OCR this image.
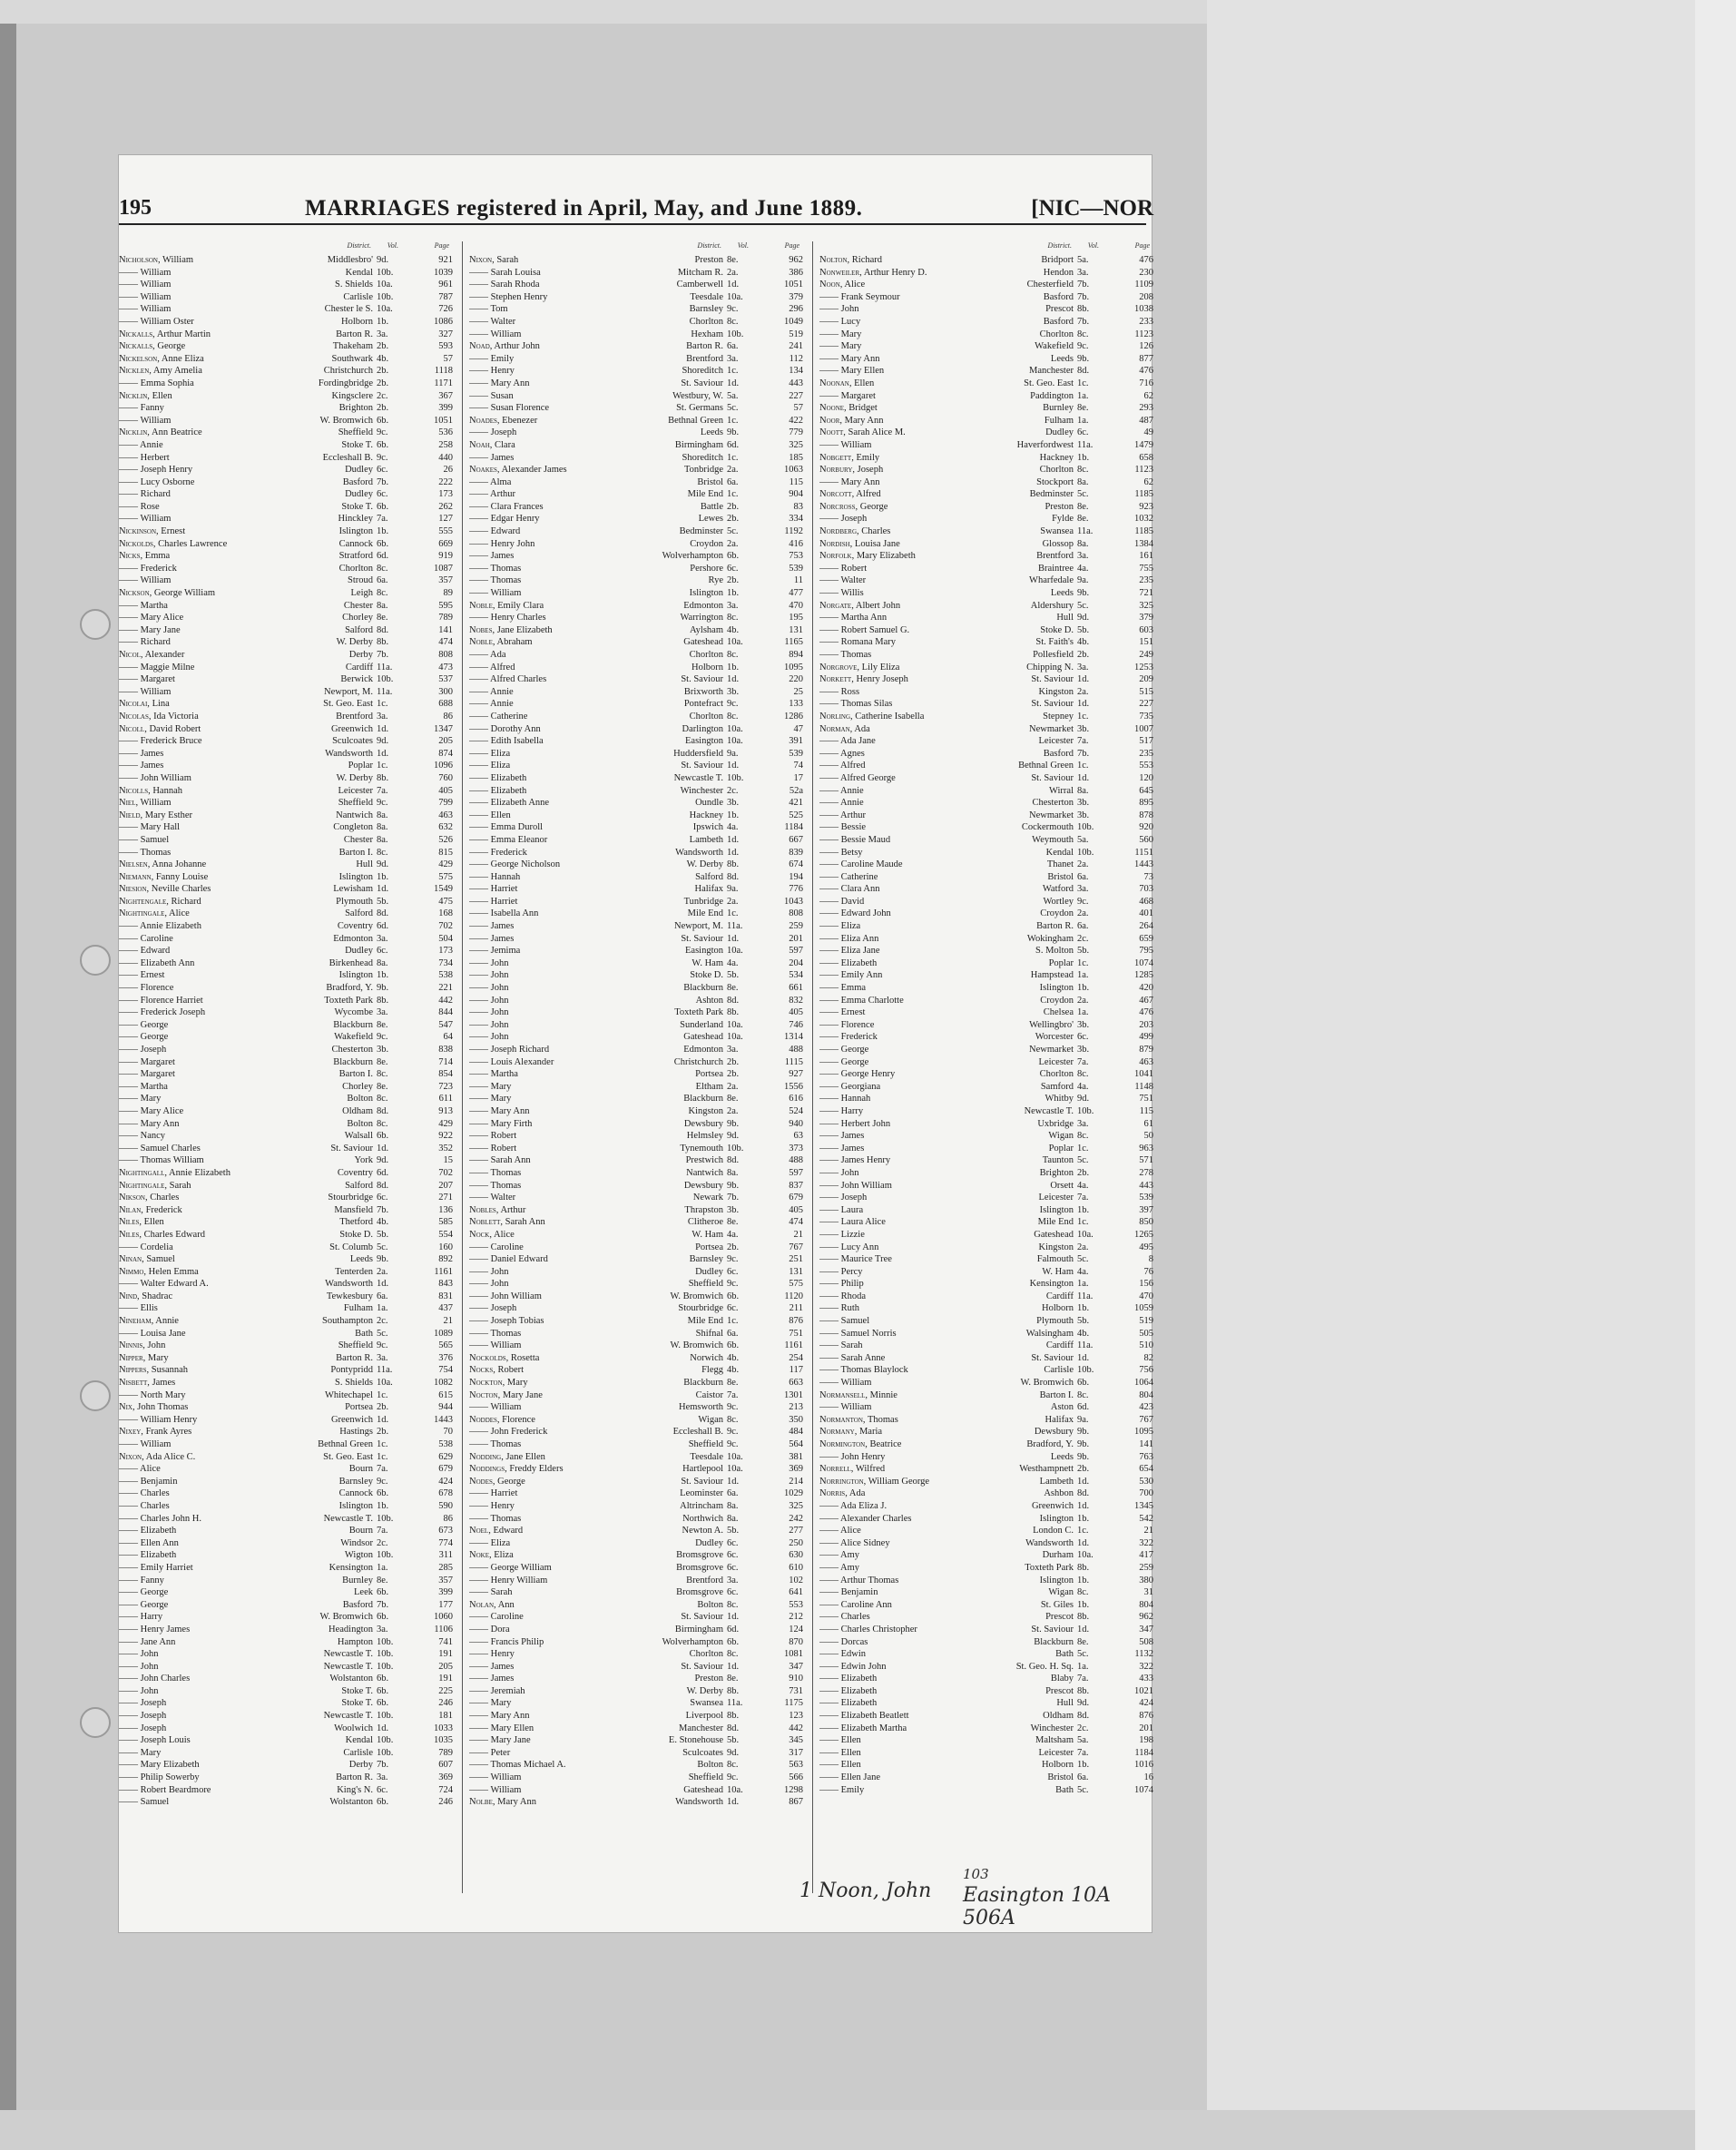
195	MARRIAGES registered in April, May, and June 1889.	[NIC—NOR
District. Vol.	Page
Nicholson, William	Middlesbro' 9d.	921
—— William	Kendal 10b.	1039
—— William	S. Shields 10a.	961
—— William	Carlisle 10b.	787
—— William	Chester le S. 10a.	726
—— William Oster	Holborn 1b.	1086
Nickalls, Arthur Martin	Barton R. 3a.	327
Nickalls, George	Thakeham 2b.	593
Nickelson, Anne Eliza	Southwark 4b.	57
Nicklen, Amy Amelia	Christchurch 2b.	1118
—— Emma Sophia	Fordingbridge 2b.	1171
Nicklin, Ellen	Kingsclere 2c.	367
—— Fanny	Brighton 2b.	399
—— William	W. Bromwich 6b.	1051
Nicklin, Ann Beatrice	Sheffield 9c.	536
—— Annie	Stoke T. 6b.	258
—— Herbert	Eccleshall B. 9c.	440
—— Joseph Henry	Dudley 6c.	26
—— Lucy Osborne	Basford 7b.	222
—— Richard	Dudley 6c.	173
—— Rose	Stoke T. 6b.	262
—— William	Hinckley 7a.	127
Nickinson, Ernest	Islington 1b.	555
Nickolds, Charles Lawrence	Cannock 6b.	669
Nicks, Emma	Stratford 6d.	919
—— Frederick	Chorlton 8c.	1087
—— William	Stroud 6a.	357
Nickson, George William	Leigh 8c.	89
—— Martha	Chester 8a.	595
—— Mary Alice	Chorley 8e.	789
—— Mary Jane	Salford 8d.	141
—— Richard	W. Derby 8b.	474
Nicol, Alexander	Derby 7b.	808
—— Maggie Milne	Cardiff 11a.	473
—— Margaret	Berwick 10b.	537
—— William	Newport, M. 11a.	300
Nicolai, Lina	St. Geo. East 1c.	688
Nicolas, Ida Victoria	Brentford 3a.	86
Nicoll, David Robert	Greenwich 1d.	1347
—— Frederick Bruce	Sculcoates 9d.	205
—— James	Wandsworth 1d.	874
—— James	Poplar 1c.	1096
—— John William	W. Derby 8b.	760
Nicolls, Hannah	Leicester 7a.	405
Niel, William	Sheffield 9c.	799
Nield, Mary Esther	Nantwich 8a.	463
—— Mary Hall	Congleton 8a.	632
—— Samuel	Chester 8a.	526
—— Thomas	Barton I. 8c.	815
Nielsen, Anna Johanne	Hull 9d.	429
Niemann, Fanny Louise	Islington 1b.	575
Niesion, Neville Charles	Lewisham 1d.	1549
Nightengale, Richard	Plymouth 5b.	475
Nightingale, Alice	Salford 8d.	168
—— Annie Elizabeth	Coventry 6d.	702
—— Caroline	Edmonton 3a.	504
—— Edward	Dudley 6c.	173
—— Elizabeth Ann	Birkenhead 8a.	734
—— Ernest	Islington 1b.	538
—— Florence	Bradford, Y. 9b.	221
—— Florence Harriet	Toxteth Park 8b.	442
—— Frederick Joseph	Wycombe 3a.	844
—— George	Blackburn 8e.	547
—— George	Wakefield 9c.	64
—— Joseph	Chesterton 3b.	838
—— Margaret	Blackburn 8e.	714
—— Margaret	Barton I. 8c.	854
—— Martha	Chorley 8e.	723
—— Mary	Bolton 8c.	611
—— Mary Alice	Oldham 8d.	913
—— Mary Ann	Bolton 8c.	429
—— Nancy	Walsall 6b.	922
—— Samuel Charles	St. Saviour 1d.	352
—— Thomas William	York 9d.	15
Nightingall, Annie Elizabeth	Coventry 6d.	702
Nightingale, Sarah	Salford 8d.	207
Nikson, Charles	Stourbridge 6c.	271
Nilan, Frederick	Mansfield 7b.	136
Niles, Ellen	Thetford 4b.	585
Niles, Charles Edward	Stoke D. 5b.	554
—— Cordelia	St. Columb 5c.	160
Ninan, Samuel	Leeds 9b.	892
Nimmo, Helen Emma	Tenterden 2a.	1161
—— Walter Edward A.	Wandsworth 1d.	843
Nind, Shadrac	Tewkesbury 6a.	831
—— Ellis	Fulham 1a.	437
Nineham, Annie	Southampton 2c.	21
—— Louisa Jane	Bath 5c.	1089
Ninnis, John	Sheffield 9c.	565
Nipper, Mary	Barton R. 3a.	376
Nippers, Susannah	Pontypridd 11a.	754
Nisbett, James	S. Shields 10a.	1082
—— North Mary	Whitechapel 1c.	615
Nix, John Thomas	Portsea 2b.	944
—— William Henry	Greenwich 1d.	1443
Nixey, Frank Ayres	Hastings 2b.	70
—— William	Bethnal Green 1c.	538
Nixon, Ada Alice C.	St. Geo. East 1c.	629
—— Alice	Bourn 7a.	679
—— Benjamin	Barnsley 9c.	424
—— Charles	Cannock 6b.	678
—— Charles	Islington 1b.	590
—— Charles John H.	Newcastle T. 10b.	86
—— Elizabeth	Bourn 7a.	673
—— Ellen Ann	Windsor 2c.	774
—— Elizabeth	Wigton 10b.	311
—— Emily Harriet	Kensington 1a.	285
—— Fanny	Burnley 8e.	357
—— George	Leek 6b.	399
—— George	Basford 7b.	177
—— Harry	W. Bromwich 6b.	1060
—— Henry James	Headington 3a.	1106
—— Jane Ann	Hampton 10b.	741
—— John	Newcastle T. 10b.	191
—— John	Newcastle T. 10b.	205
—— John Charles	Wolstanton 6b.	191
—— John	Stoke T. 6b.	225
—— Joseph	Stoke T. 6b.	246
—— Joseph	Newcastle T. 10b.	181
—— Joseph	Woolwich 1d.	1033
—— Joseph Louis	Kendal 10b.	1035
—— Mary	Carlisle 10b.	789
—— Mary Elizabeth	Derby 7b.	607
—— Philip Sowerby	Barton R. 3a.	369
—— Robert Beardmore	King's N. 6c.	724
—— Samuel	Wolstanton 6b.	246
District. Vol.	Page
Nixon, Sarah	Preston 8e.	962
—— Sarah Louisa	Mitcham R. 2a.	386
—— Sarah Rhoda	Camberwell 1d.	1051
—— Stephen Henry	Teesdale 10a.	379
—— Tom	Barnsley 9c.	296
—— Walter	Chorlton 8c.	1049
—— William	Hexham 10b.	519
Noad, Arthur John	Barton R. 6a.	241
—— Emily	Brentford 3a.	112
—— Henry	Shoreditch 1c.	134
—— Mary Ann	St. Saviour 1d.	443
—— Susan	Westbury, W. 5a.	227
—— Susan Florence	St. Germans 5c.	57
Noades, Ebenezer	Bethnal Green 1c.	422
—— Joseph	Leeds 9b.	779
Noah, Clara	Birmingham 6d.	325
—— James	Shoreditch 1c.	185
Noakes, Alexander James	Tonbridge 2a.	1063
—— Alma	Bristol 6a.	115
—— Arthur	Mile End 1c.	904
—— Clara Frances	Battle 2b.	83
—— Edgar Henry	Lewes 2b.	334
—— Edward	Bedminster 5c.	1192
—— Henry John	Croydon 2a.	416
—— James	Wolverhampton 6b.	753
—— Thomas	Pershore 6c.	539
—— Thomas	Rye 2b.	11
—— William	Islington 1b.	477
Noble, Emily Clara	Edmonton 3a.	470
—— Henry Charles	Warrington 8c.	195
Nobes, Jane Elizabeth	Aylsham 4b.	131
Noble, Abraham	Gateshead 10a.	1165
—— Ada	Chorlton 8c.	894
—— Alfred	Holborn 1b.	1095
—— Alfred Charles	St. Saviour 1d.	220
—— Annie	Brixworth 3b.	25
—— Annie	Pontefract 9c.	133
—— Catherine	Chorlton 8c.	1286
—— Dorothy Ann	Darlington 10a.	47
—— Edith Isabella	Easington 10a.	391
—— Eliza	Huddersfield 9a.	539
—— Eliza	St. Saviour 1d.	74
—— Elizabeth	Newcastle T. 10b.	17
—— Elizabeth	Winchester 2c.	52a
—— Elizabeth Anne	Oundle 3b.	421
—— Ellen	Hackney 1b.	525
—— Emma Duroll	Ipswich 4a.	1184
—— Emma Eleanor	Lambeth 1d.	667
—— Frederick	Wandsworth 1d.	839
—— George Nicholson	W. Derby 8b.	674
—— Hannah	Salford 8d.	194
—— Harriet	Halifax 9a.	776
—— Harriet	Tunbridge 2a.	1043
—— Isabella Ann	Mile End 1c.	808
—— James	Newport, M. 11a.	259
—— James	St. Saviour 1d.	201
—— Jemima	Easington 10a.	597
—— John	W. Ham 4a.	204
—— John	Stoke D. 5b.	534
—— John	Blackburn 8e.	661
—— John	Ashton 8d.	832
—— John	Toxteth Park 8b.	405
—— John	Sunderland 10a.	746
—— John	Gateshead 10a.	1314
—— Joseph Richard	Edmonton 3a.	488
—— Louis Alexander	Christchurch 2b.	1115
—— Martha	Portsea 2b.	927
—— Mary	Eltham 2a.	1556
—— Mary	Blackburn 8e.	616
—— Mary Ann	Kingston 2a.	524
—— Mary Firth	Dewsbury 9b.	940
—— Robert	Helmsley 9d.	63
—— Robert	Tynemouth 10b.	373
—— Sarah Ann	Prestwich 8d.	488
—— Thomas	Nantwich 8a.	597
—— Thomas	Dewsbury 9b.	837
—— Walter	Newark 7b.	679
Nobles, Arthur	Thrapston 3b.	405
Noblett, Sarah Ann	Clitheroe 8e.	474
Nock, Alice	W. Ham 4a.	21
—— Caroline	Portsea 2b.	767
—— Daniel Edward	Barnsley 9c.	251
—— John	Dudley 6c.	131
—— John	Sheffield 9c.	575
—— John William	W. Bromwich 6b.	1120
—— Joseph	Stourbridge 6c.	211
—— Joseph Tobias	Mile End 1c.	876
—— Thomas	Shifnal 6a.	751
—— William	W. Bromwich 6b.	1161
Nockolds, Rosetta	Norwich 4b.	254
Nocks, Robert	Flegg 4b.	117
Nockton, Mary	Blackburn 8e.	663
Nocton, Mary Jane	Caistor 7a.	1301
—— William	Hemsworth 9c.	213
Noddes, Florence	Wigan 8c.	350
—— John Frederick	Eccleshall B. 9c.	484
—— Thomas	Sheffield 9c.	564
Nodding, Jane Ellen	Teesdale 10a.	381
Noddings, Freddy Elders	Hartlepool 10a.	369
Nodes, George	St. Saviour 1d.	214
—— Harriet	Leominster 6a.	1029
—— Henry	Altrincham 8a.	325
—— Thomas	Northwich 8a.	242
Noel, Edward	Newton A. 5b.	277
—— Eliza	Dudley 6c.	250
Noke, Eliza	Bromsgrove 6c.	630
—— George William	Bromsgrove 6c.	610
—— Henry William	Brentford 3a.	102
—— Sarah	Bromsgrove 6c.	641
Nolan, Ann	Bolton 8c.	553
—— Caroline	St. Saviour 1d.	212
—— Dora	Birmingham 6d.	124
—— Francis Philip	Wolverhampton 6b.	870
—— Henry	Chorlton 8c.	1081
—— James	St. Saviour 1d.	347
—— James	Preston 8e.	910
—— Jeremiah	W. Derby 8b.	731
—— Mary	Swansea 11a.	1175
—— Mary Ann	Liverpool 8b.	123
—— Mary Ellen	Manchester 8d.	442
—— Mary Jane	E. Stonehouse 5b.	345
—— Peter	Sculcoates 9d.	317
—— Thomas Michael A.	Bolton 8c.	563
—— William	Sheffield 9c.	566
—— William	Gateshead 10a.	1298
Nolbe, Mary Ann	Wandsworth 1d.	867
District. Vol.	Page
Nolton, Richard	Bridport 5a.	476
Nonweiler, Arthur Henry D.	Hendon 3a.	230
Noon, Alice	Chesterfield 7b.	1109
—— Frank Seymour	Basford 7b.	208
—— John	Prescot 8b.	1038
—— Lucy	Basford 7b.	233
—— Mary	Chorlton 8c.	1123
—— Mary	Wakefield 9c.	126
—— Mary Ann	Leeds 9b.	877
—— Mary Ellen	Manchester 8d.	476
Noonan, Ellen	St. Geo. East 1c.	716
—— Margaret	Paddington 1a.	62
Noone, Bridget	Burnley 8e.	293
Noor, Mary Ann	Fulham 1a.	487
Noott, Sarah Alice M.	Dudley 6c.	49
—— William	Haverfordwest 11a.	1479
Nobgett, Emily	Hackney 1b.	658
Norbury, Joseph	Chorlton 8c.	1123
—— Mary Ann	Stockport 8a.	62
Norcott, Alfred	Bedminster 5c.	1185
Norcross, George	Preston 8e.	923
—— Joseph	Fylde 8e.	1032
Nordberg, Charles	Swansea 11a.	1185
Nordish, Louisa Jane	Glossop 8a.	1384
Norfolk, Mary Elizabeth	Brentford 3a.	161
—— Robert	Braintree 4a.	755
—— Walter	Wharfedale 9a.	235
—— Willis	Leeds 9b.	721
Norgate, Albert John	Aldershury 5c.	325
—— Martha Ann	Hull 9d.	379
—— Robert Samuel G.	Stoke D. 5b.	603
—— Romana Mary	St. Faith's 4b.	151
—— Thomas	Pollesfield 2b.	249
Norgrove, Lily Eliza	Chipping N. 3a.	1253
Norkett, Henry Joseph	St. Saviour 1d.	209
—— Ross	Kingston 2a.	515
—— Thomas Silas	St. Saviour 1d.	227
Norling, Catherine Isabella	Stepney 1c.	735
Norman, Ada	Newmarket 3b.	1007
—— Ada Jane	Leicester 7a.	517
—— Agnes	Basford 7b.	235
—— Alfred	Bethnal Green 1c.	553
—— Alfred George	St. Saviour 1d.	120
—— Annie	Wirral 8a.	645
—— Annie	Chesterton 3b.	895
—— Arthur	Newmarket 3b.	878
—— Bessie	Cockermouth 10b.	920
—— Bessie Maud	Weymouth 5a.	560
—— Betsy	Kendal 10b.	1151
—— Caroline Maude	Thanet 2a.	1443
—— Catherine	Bristol 6a.	73
—— Clara Ann	Watford 3a.	703
—— David	Wortley 9c.	468
—— Edward John	Croydon 2a.	401
—— Eliza	Barton R. 6a.	264
—— Eliza Ann	Wokingham 2c.	659
—— Eliza Jane	S. Molton 5b.	795
—— Elizabeth	Poplar 1c.	1074
—— Emily Ann	Hampstead 1a.	1285
—— Emma	Islington 1b.	420
—— Emma Charlotte	Croydon 2a.	467
—— Ernest	Chelsea 1a.	476
—— Florence	Wellingbro' 3b.	203
—— Frederick	Worcester 6c.	499
—— George	Newmarket 3b.	879
—— George	Leicester 7a.	463
—— George Henry	Chorlton 8c.	1041
—— Georgiana	Samford 4a.	1148
—— Hannah	Whitby 9d.	751
—— Harry	Newcastle T. 10b.	115
—— Herbert John	Uxbridge 3a.	61
—— James	Wigan 8c.	50
—— James	Poplar 1c.	963
—— James Henry	Taunton 5c.	571
—— John	Brighton 2b.	278
—— John William	Orsett 4a.	443
—— Joseph	Leicester 7a.	539
—— Laura	Islington 1b.	397
—— Laura Alice	Mile End 1c.	850
—— Lizzie	Gateshead 10a.	1265
—— Lucy Ann	Kingston 2a.	495
—— Maurice Tree	Falmouth 5c.	8
—— Percy	W. Ham 4a.	76
—— Philip	Kensington 1a.	156
—— Rhoda	Cardiff 11a.	470
—— Ruth	Holborn 1b.	1059
—— Samuel	Plymouth 5b.	519
—— Samuel Norris	Walsingham 4b.	505
—— Sarah	Cardiff 11a.	510
—— Sarah Anne	St. Saviour 1d.	82
—— Thomas Blaylock	Carlisle 10b.	756
—— William	W. Bromwich 6b.	1064
Normansell, Minnie	Barton I. 8c.	804
—— William	Aston 6d.	423
Normanton, Thomas	Halifax 9a.	767
Normany, Maria	Dewsbury 9b.	1095
Normington, Beatrice	Bradford, Y. 9b.	141
—— John Henry	Leeds 9b.	763
Norrell, Wilfred	Westhampnett 2b.	654
Norrington, William George	Lambeth 1d.	530
Norris, Ada	Ashbon 8d.	700
—— Ada Eliza J.	Greenwich 1d.	1345
—— Alexander Charles	Islington 1b.	542
—— Alice	London C. 1c.	21
—— Alice Sidney	Wandsworth 1d.	322
—— Amy	Durham 10a.	417
—— Amy	Toxteth Park 8b.	259
—— Arthur Thomas	Islington 1b.	380
—— Benjamin	Wigan 8c.	31
—— Caroline Ann	St. Giles 1b.	804
—— Charles	Prescot 8b.	962
—— Charles Christopher	St. Saviour 1d.	347
—— Dorcas	Blackburn 8e.	508
—— Edwin	Bath 5c.	1132
—— Edwin John	St. Geo. H. Sq. 1a.	322
—— Elizabeth	Blaby 7a.	433
—— Elizabeth	Prescot 8b.	1021
—— Elizabeth	Hull 9d.	424
—— Elizabeth Beatlett	Oldham 8d.	876
—— Elizabeth Martha	Winchester 2c.	201
—— Ellen	Maltsham 5a.	198
—— Ellen	Leicester 7a.	1184
—— Ellen	Holborn 1b.	1016
—— Ellen Jane	Bristol 6a.	16
—— Emily	Bath 5c.	1074
1 Noon, John
103
Easington 10A 506A
